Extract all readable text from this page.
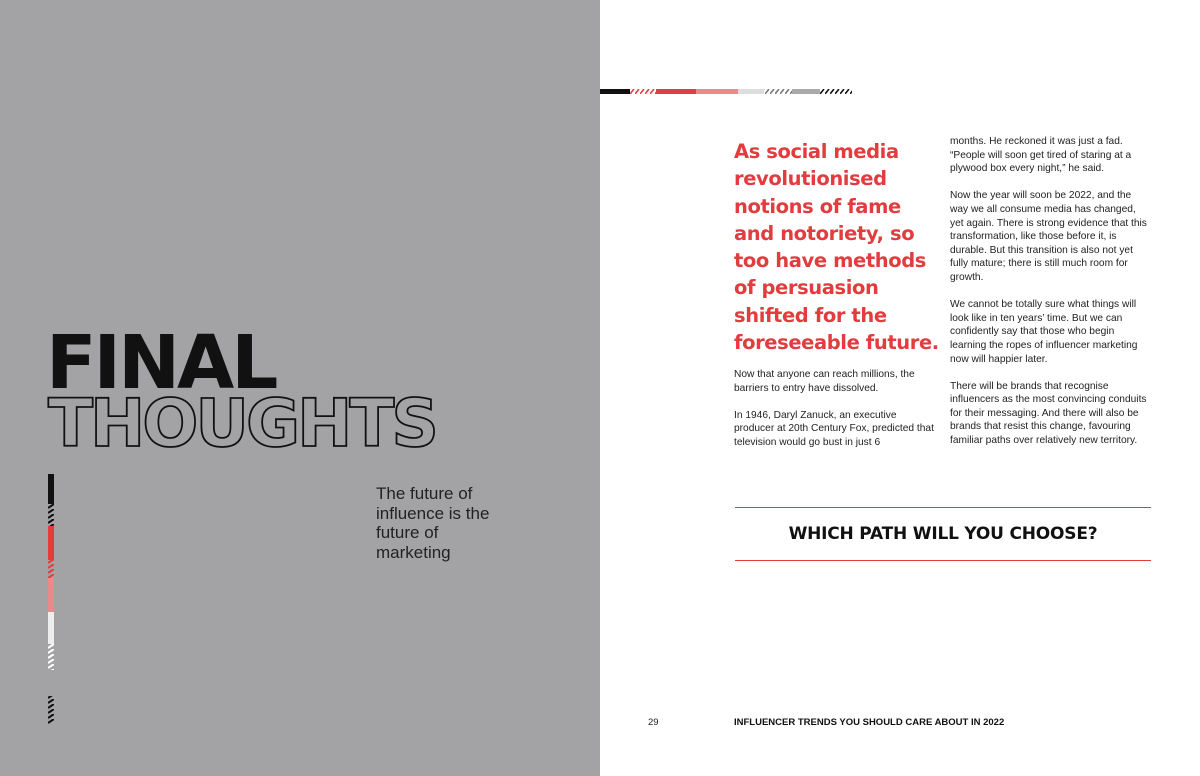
FINAL
THOUGHTS
The future of influence is the future of marketing
As social media revolutionised notions of fame and notoriety, so too have methods of persuasion shifted for the foreseeable future.

Now that anyone can reach millions, the barriers to entry have dissolved.

In 1946, Daryl Zanuck, an executive producer at 20th Century Fox, predicted that television would go bust in just 6

months. He reckoned it was just a fad. “People will soon get tired of staring at a plywood box every night,” he said.

Now the year will soon be 2022, and the way we all consume media has changed, yet again. There is strong evidence that this transformation, like those before it, is durable. But this transition is also not yet fully mature; there is still much room for growth.

We cannot be totally sure what things will look like in ten years’ time. But we can confidently say that those who begin learning the ropes of influencer marketing now will happier later.

There will be brands that recognise influencers as the most convincing conduits for their messaging. And there will also be brands that resist this change, favouring familiar paths over relatively new territory.

WHICH PATH WILL YOU CHOOSE?
29	INFLUENCER TRENDS YOU SHOULD CARE ABOUT IN 2022
